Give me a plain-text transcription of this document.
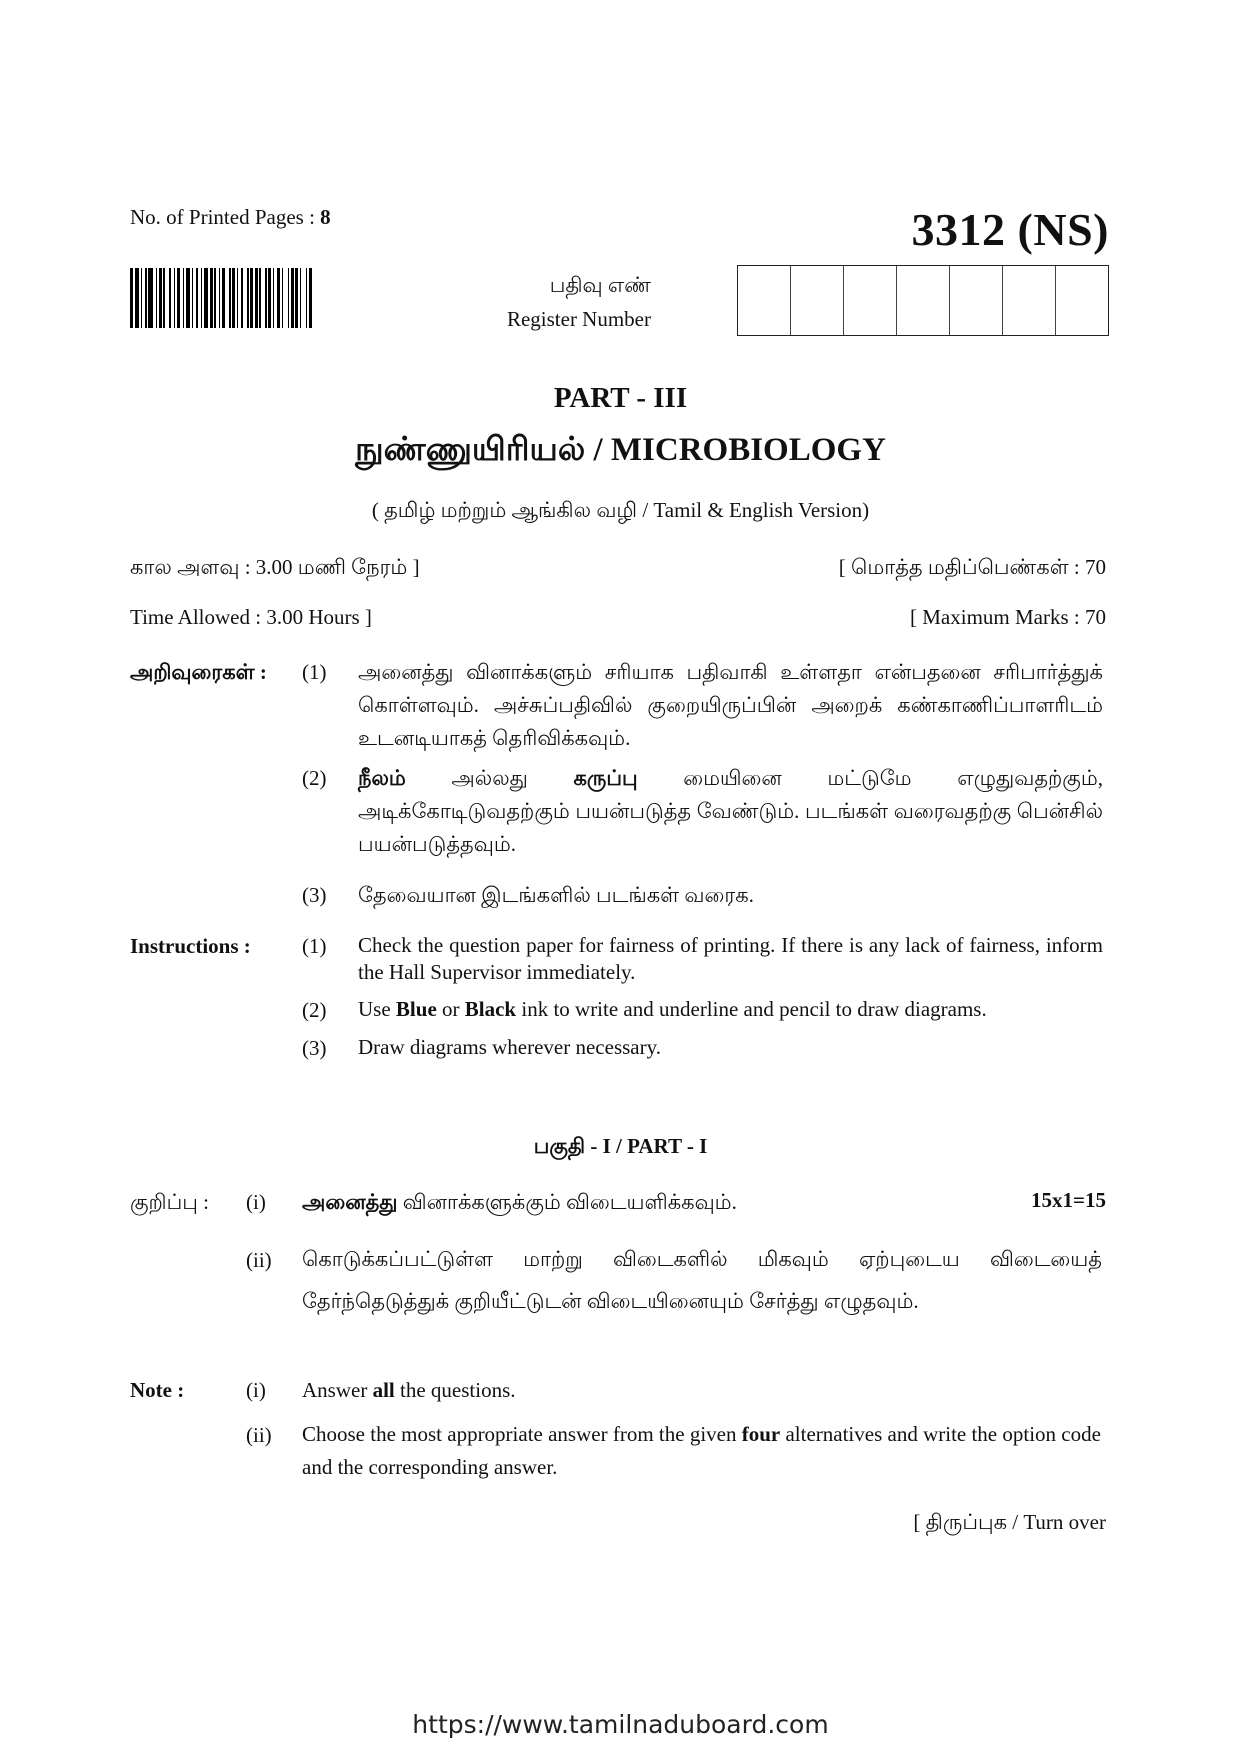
No. of Printed Pages : 8	3312 (NS)
பதிவு எண்
Register Number
PART - III
நுண்ணுயிரியல் / MICROBIOLOGY
( தமிழ் மற்றும் ஆங்கில வழி / Tamil & English Version)
கால அளவு : 3.00 மணி நேரம் ]	[ மொத்த மதிப்பெண்கள் : 70
Time Allowed : 3.00 Hours ]	[ Maximum Marks : 70
அறிவுரைகள் : (1) அனைத்து வினாக்களும் சரியாக பதிவாகி உள்ளதா என்பதனை சரிபார்த்துக் கொள்ளவும். அச்சுப்பதிவில் குறையிருப்பின் அறைக் கண்காணிப்பாளரிடம் உடனடியாகத் தெரிவிக்கவும்.
(2) நீலம் அல்லது கருப்பு மையினை மட்டுமே எழுதுவதற்கும், அடிக்கோடிடுவதற்கும் பயன்படுத்த வேண்டும். படங்கள் வரைவதற்கு பென்சில் பயன்படுத்தவும்.
(3) தேவையான இடங்களில் படங்கள் வரைக.
Instructions : (1) Check the question paper for fairness of printing. If there is any lack of fairness, inform the Hall Supervisor immediately.
(2) Use Blue or Black ink to write and underline and pencil to draw diagrams.
(3) Draw diagrams wherever necessary.
பகுதி - I / PART - I
குறிப்பு : (i) அனைத்து வினாக்களுக்கும் விடையளிக்கவும்.	15x1=15
(ii) கொடுக்கப்பட்டுள்ள மாற்று விடைகளில் மிகவும் ஏற்புடைய விடையைத் தேர்ந்தெடுத்துக் குறியீட்டுடன் விடையினையும் சேர்த்து எழுதவும்.
Note :	(i) Answer all the questions.
(ii) Choose the most appropriate answer from the given four alternatives and write the option code and the corresponding answer.
[ திருப்புக / Turn over
https://www.tamilnaduboard.com
